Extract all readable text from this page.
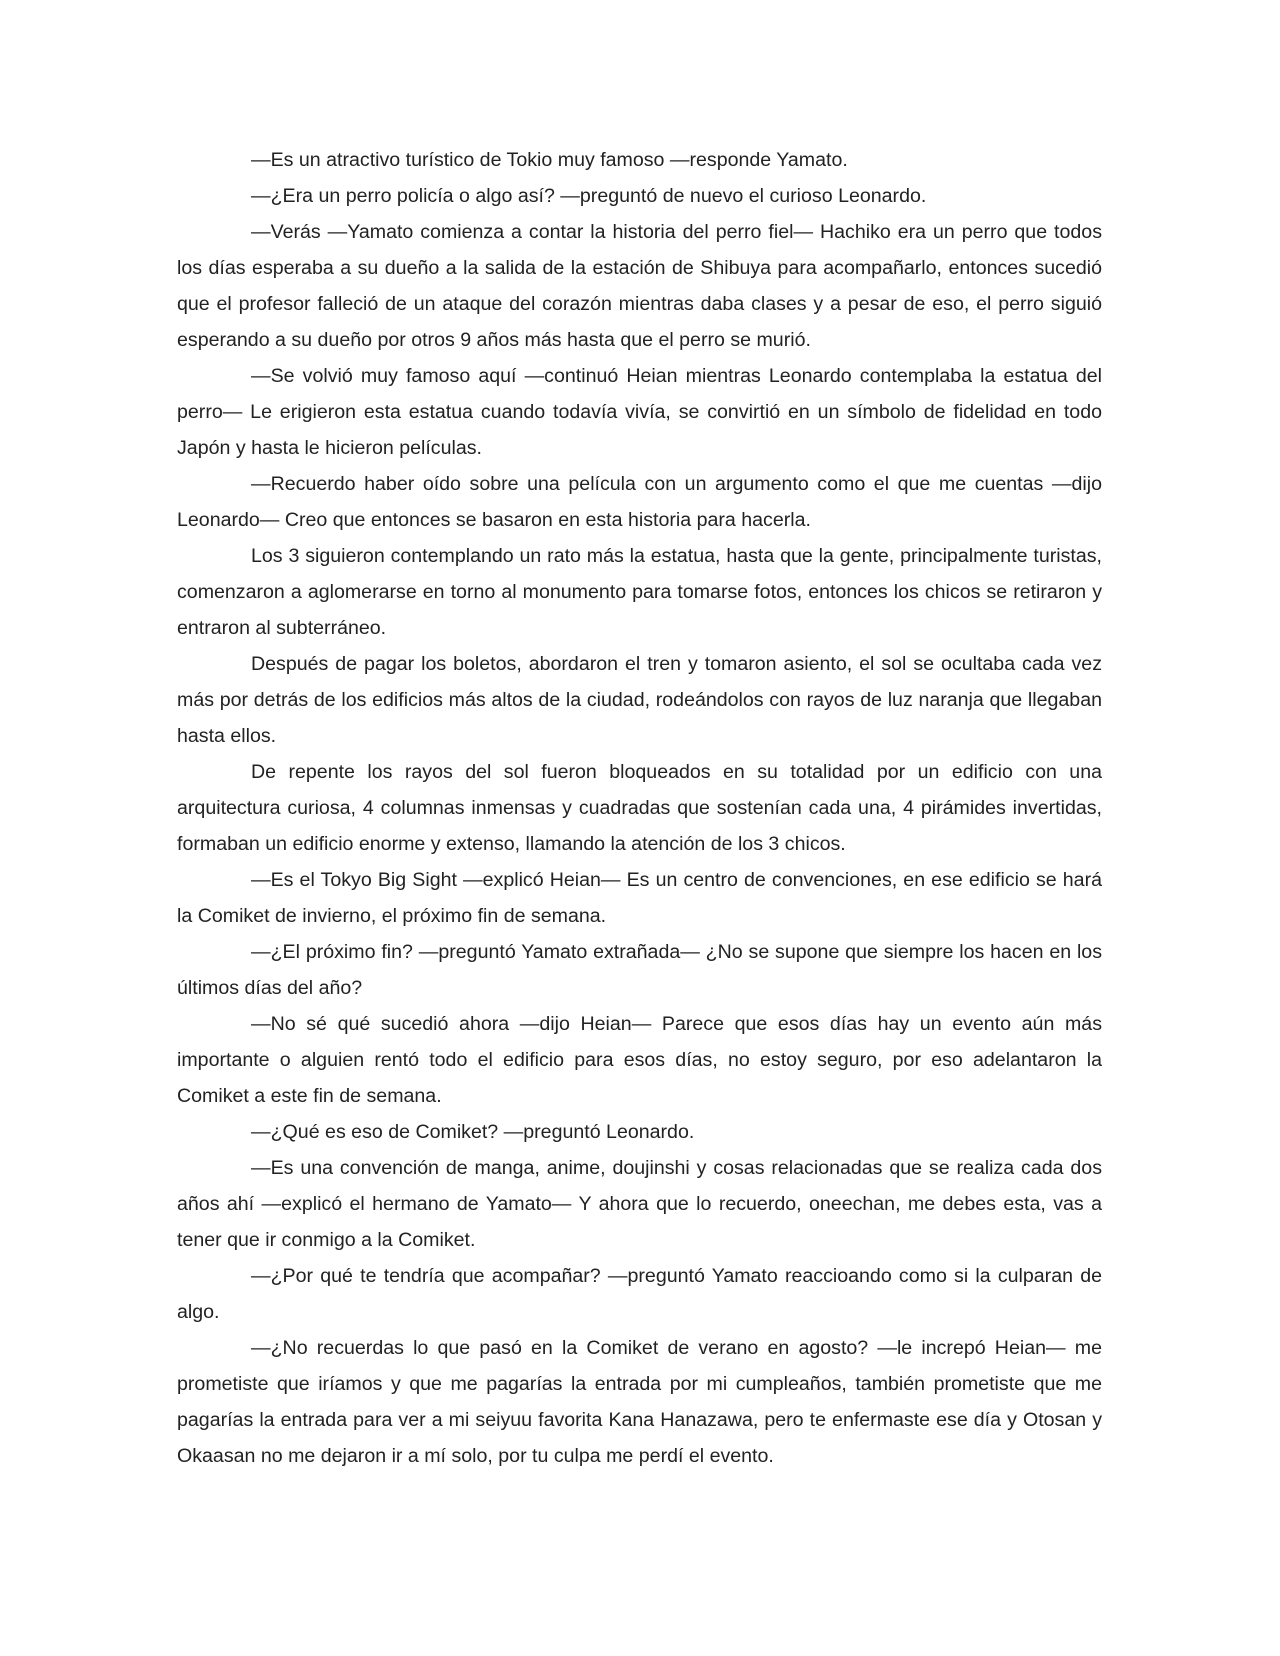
—Es un atractivo turístico de Tokio muy famoso —responde Yamato.

—¿Era un perro policía o algo así? —preguntó de nuevo el curioso Leonardo.

—Verás —Yamato comienza a contar la historia del perro fiel— Hachiko era un perro que todos los días esperaba a su dueño a la salida de la estación de Shibuya para acompañarlo, entonces sucedió que el profesor falleció de un ataque del corazón mientras daba clases y a pesar de eso, el perro siguió esperando a su dueño por otros 9 años más hasta que el perro se murió.

—Se volvió muy famoso aquí —continuó Heian mientras Leonardo contemplaba la estatua del perro— Le erigieron esta estatua cuando todavía vivía, se convirtió en un símbolo de fidelidad en todo Japón y hasta le hicieron películas.

—Recuerdo haber oído sobre una película con un argumento como el que me cuentas —dijo Leonardo— Creo que entonces se basaron en esta historia para hacerla.

Los 3 siguieron contemplando un rato más la estatua, hasta que la gente, principalmente turistas, comenzaron a aglomerarse en torno al monumento para tomarse fotos, entonces los chicos se retiraron y entraron al subterráneo.

Después de pagar los boletos, abordaron el tren y tomaron asiento, el sol se ocultaba cada vez más por detrás de los edificios más altos de la ciudad, rodeándolos con rayos de luz naranja que llegaban hasta ellos.

De repente los rayos del sol fueron bloqueados en su totalidad por un edificio con una arquitectura curiosa, 4 columnas inmensas y cuadradas que sostenían cada una, 4 pirámides invertidas, formaban un edificio enorme y extenso, llamando la atención de los 3 chicos.

—Es el Tokyo Big Sight —explicó Heian— Es un centro de convenciones, en ese edificio se hará la Comiket de invierno, el próximo fin de semana.

—¿El próximo fin? —preguntó Yamato extrañada— ¿No se supone que siempre los hacen en los últimos días del año?

—No sé qué sucedió ahora —dijo Heian— Parece que esos días hay un evento aún más importante o alguien rentó todo el edificio para esos días, no estoy seguro, por eso adelantaron la Comiket a este fin de semana.

—¿Qué es eso de Comiket? —preguntó Leonardo.

—Es una convención de manga, anime, doujinshi y cosas relacionadas que se realiza cada dos años ahí —explicó el hermano de Yamato— Y ahora que lo recuerdo, oneechan, me debes esta, vas a tener que ir conmigo a la Comiket.

—¿Por qué te tendría que acompañar? —preguntó Yamato reaccioando como si la culparan de algo.

—¿No recuerdas lo que pasó en la Comiket de verano en agosto? —le increpó Heian— me prometiste que iríamos y que me pagarías la entrada por mi cumpleaños, también prometiste que me pagarías la entrada para ver a mi seiyuu favorita Kana Hanazawa, pero te enfermaste ese día y Otosan y Okaasan no me dejaron ir a mí solo, por tu culpa me perdí el evento.
